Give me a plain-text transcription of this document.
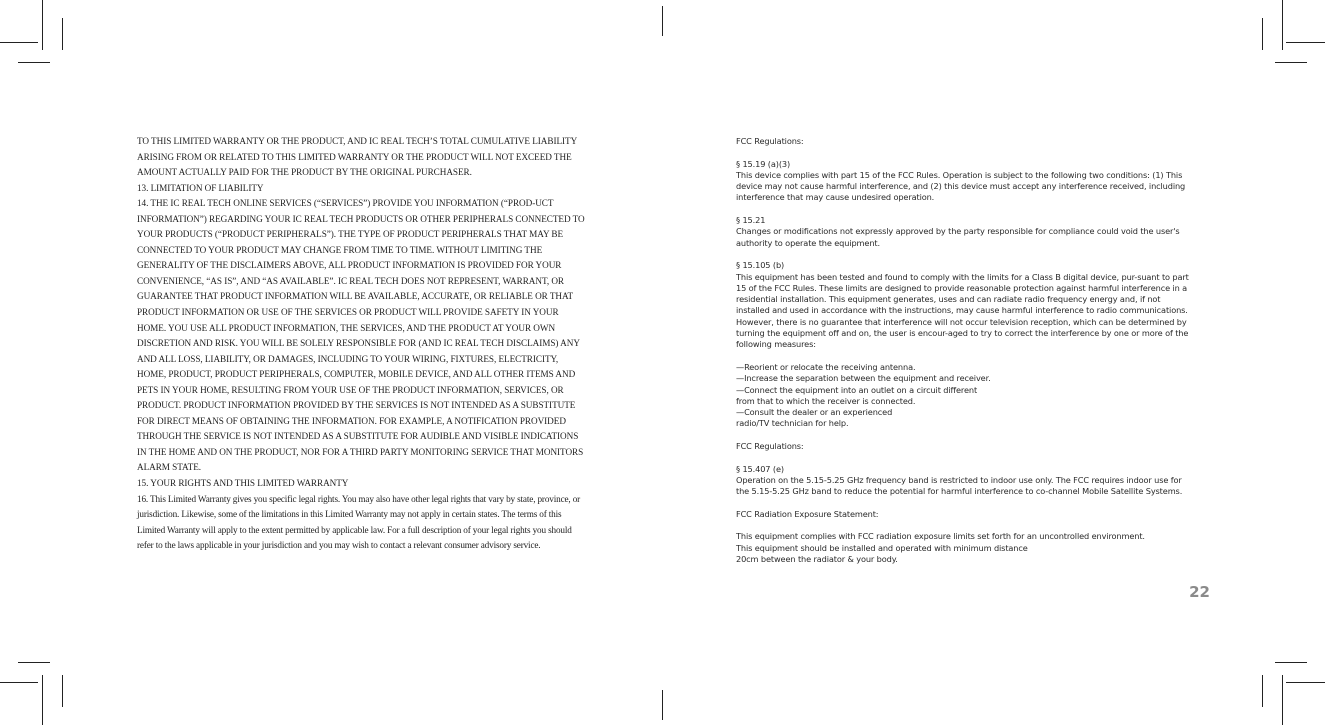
TO THIS LIMITED WARRANTY OR THE PRODUCT, AND IC REAL TECH’S TOTAL CUMULATIVE LIABILITY ARISING FROM OR RELATED TO THIS LIMITED WARRANTY OR THE PRODUCT WILL NOT EXCEED THE AMOUNT ACTUALLY PAID FOR THE PRODUCT BY THE ORIGINAL PURCHASER.

13. LIMITATION OF LIABILITY

14. THE IC REAL TECH ONLINE SERVICES (“SERVICES”) PROVIDE YOU INFORMATION (“PROD-UCT INFORMATION”) REGARDING YOUR IC REAL TECH PRODUCTS OR OTHER PERIPHERALS CONNECTED TO YOUR PRODUCTS (“PRODUCT PERIPHERALS”). THE TYPE OF PRODUCT PERIPHERALS THAT MAY BE CONNECTED TO YOUR PRODUCT MAY CHANGE FROM TIME TO TIME. WITHOUT LIMITING THE GENERALITY OF THE DISCLAIMERS ABOVE, ALL PRODUCT INFORMATION IS PROVIDED FOR YOUR CONVENIENCE, “AS IS”, AND “AS AVAILABLE”. IC REAL TECH DOES NOT REPRESENT, WARRANT, OR GUARANTEE THAT PRODUCT INFORMATION WILL BE AVAILABLE, ACCURATE, OR RELIABLE OR THAT PRODUCT INFORMATION OR USE OF THE SERVICES OR PRODUCT WILL PROVIDE SAFETY IN YOUR HOME. YOU USE ALL PRODUCT INFORMATION, THE SERVICES, AND THE PRODUCT AT YOUR OWN DISCRETION AND RISK. YOU WILL BE SOLELY RESPONSIBLE FOR (AND IC REAL TECH DISCLAIMS) ANY AND ALL LOSS, LIABILITY, OR DAMAGES, INCLUDING TO YOUR WIRING, FIXTURES, ELECTRICITY, HOME, PRODUCT, PRODUCT PERIPHERALS, COMPUTER, MOBILE DEVICE, AND ALL OTHER ITEMS AND PETS IN YOUR HOME, RESULTING FROM YOUR USE OF THE PRODUCT INFORMATION, SERVICES, OR PRODUCT. PRODUCT INFORMATION PROVIDED BY THE SERVICES IS NOT INTENDED AS A SUBSTITUTE FOR DIRECT MEANS OF OBTAINING THE INFORMATION. FOR EXAMPLE, A NOTIFICATION PROVIDED THROUGH THE SERVICE IS NOT INTENDED AS A SUBSTITUTE FOR AUDIBLE AND VISIBLE INDICATIONS IN THE HOME AND ON THE PRODUCT, NOR FOR A THIRD PARTY MONITORING SERVICE THAT MONITORS ALARM STATE.

15. YOUR RIGHTS AND THIS LIMITED WARRANTY

16. This Limited Warranty gives you specific legal rights. You may also have other legal rights that vary by state, province, or jurisdiction. Likewise, some of the limitations in this Limited Warranty may not apply in certain states. The terms of this Limited Warranty will apply to the extent permitted by applicable law. For a full description of your legal rights you should refer to the laws applicable in your jurisdiction and you may wish to contact a relevant consumer advisory service.

FCC Regulations:

§ 15.19 (a)(3)
This device complies with part 15 of the FCC Rules. Operation is subject to the following two conditions: (1) This device may not cause harmful interference, and (2) this device must accept any interference received, including interference that may cause undesired operation.

§ 15.21
Changes or modifications not expressly approved by the party responsible for compliance could void the user's authority to operate the equipment.

§ 15.105 (b)
This equipment has been tested and found to comply with the limits for a Class B digital device, pur-suant to part 15 of the FCC Rules. These limits are designed to provide reasonable protection against harmful interference in a residential installation. This equipment generates, uses and can radiate radio frequency energy and, if not installed and used in accordance with the instructions, may cause harmful interference to radio communications. However, there is no guarantee that interference will not occur television reception, which can be determined by turning the equipment off and on, the user is encour-aged to try to correct the interference by one or more of the following measures:

—Reorient or relocate the receiving antenna.
—Increase the separation between the equipment and receiver.
—Connect the equipment into an outlet on a circuit different
from that to which the receiver is connected.
—Consult the dealer or an experienced
radio/TV technician for help.

FCC Regulations:

§ 15.407 (e)
Operation on the 5.15-5.25 GHz frequency band is restricted to indoor use only. The FCC requires indoor use for the 5.15-5.25 GHz band to reduce the potential for harmful interference to co-channel Mobile Satellite Systems.

FCC Radiation Exposure Statement:

This equipment complies with FCC radiation exposure limits set forth for an uncontrolled environment.
This equipment should be installed and operated with minimum distance
20cm between the radiator & your body.

22
